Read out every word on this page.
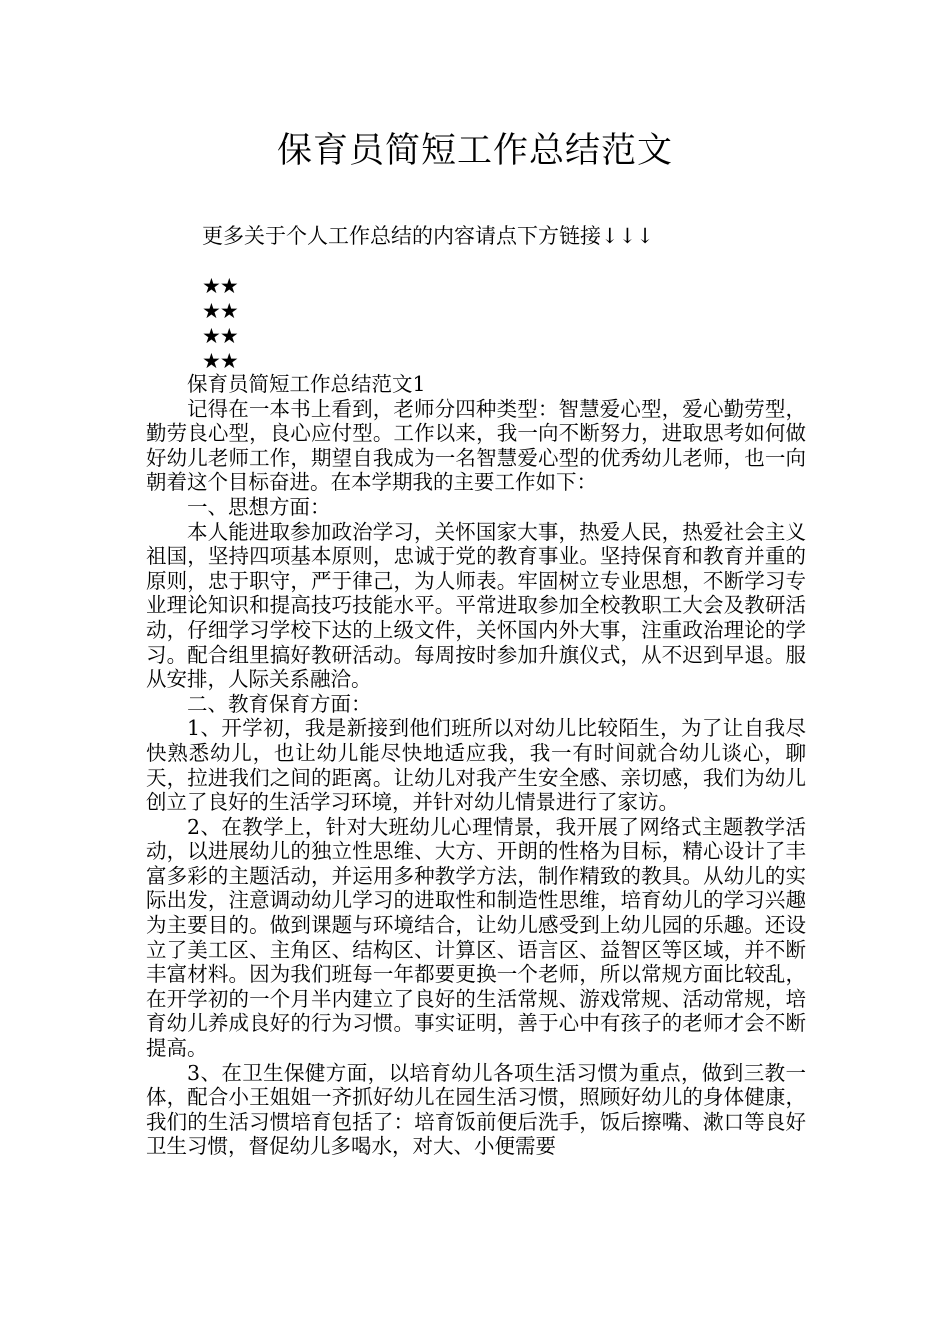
保育员简短工作总结范文

更多关于个人工作总结的内容请点下方链接↓↓↓

★★
★★
★★
★★

保育员简短工作总结范文1

记得在一本书上看到，老师分四种类型：智慧爱心型，爱心勤劳型，勤劳良心型，良心应付型。工作以来，我一向不断努力，进取思考如何做好幼儿老师工作，期望自我成为一名智慧爱心型的优秀幼儿老师，也一向朝着这个目标奋进。在本学期我的主要工作如下：

一、思想方面：

本人能进取参加政治学习，关怀国家大事，热爱人民，热爱社会主义祖国，坚持四项基本原则，忠诚于党的教育事业。坚持保育和教育并重的原则，忠于职守，严于律己，为人师表。牢固树立专业思想，不断学习专业理论知识和提高技巧技能水平。平常进取参加全校教职工大会及教研活动，仔细学习学校下达的上级文件，关怀国内外大事，注重政治理论的学习。配合组里搞好教研活动。每周按时参加升旗仪式，从不迟到早退。服从安排，人际关系融洽。

二、教育保育方面：

1、开学初，我是新接到他们班所以对幼儿比较陌生，为了让自我尽快熟悉幼儿，也让幼儿能尽快地适应我，我一有时间就合幼儿谈心，聊天，拉进我们之间的距离。让幼儿对我产生安全感、亲切感，我们为幼儿创立了良好的生活学习环境，并针对幼儿情景进行了家访。

2、在教学上，针对大班幼儿心理情景，我开展了网络式主题教学活动，以进展幼儿的独立性思维、大方、开朗的性格为目标，精心设计了丰富多彩的主题活动，并运用多种教学方法，制作精致的教具。从幼儿的实际出发，注意调动幼儿学习的进取性和制造性思维，培育幼儿的学习兴趣为主要目的。做到课题与环境结合，让幼儿感受到上幼儿园的乐趣。还设立了美工区、主角区、结构区、计算区、语言区、益智区等区域，并不断丰富材料。因为我们班每一年都要更换一个老师，所以常规方面比较乱，在开学初的一个月半内建立了良好的生活常规、游戏常规、活动常规，培育幼儿养成良好的行为习惯。事实证明，善于心中有孩子的老师才会不断提高。

3、在卫生保健方面，以培育幼儿各项生活习惯为重点，做到三教一体，配合小王姐姐一齐抓好幼儿在园生活习惯，照顾好幼儿的身体健康，我们的生活习惯培育包括了：培育饭前便后洗手，饭后擦嘴、漱口等良好卫生习惯，督促幼儿多喝水，对大、小便需要
